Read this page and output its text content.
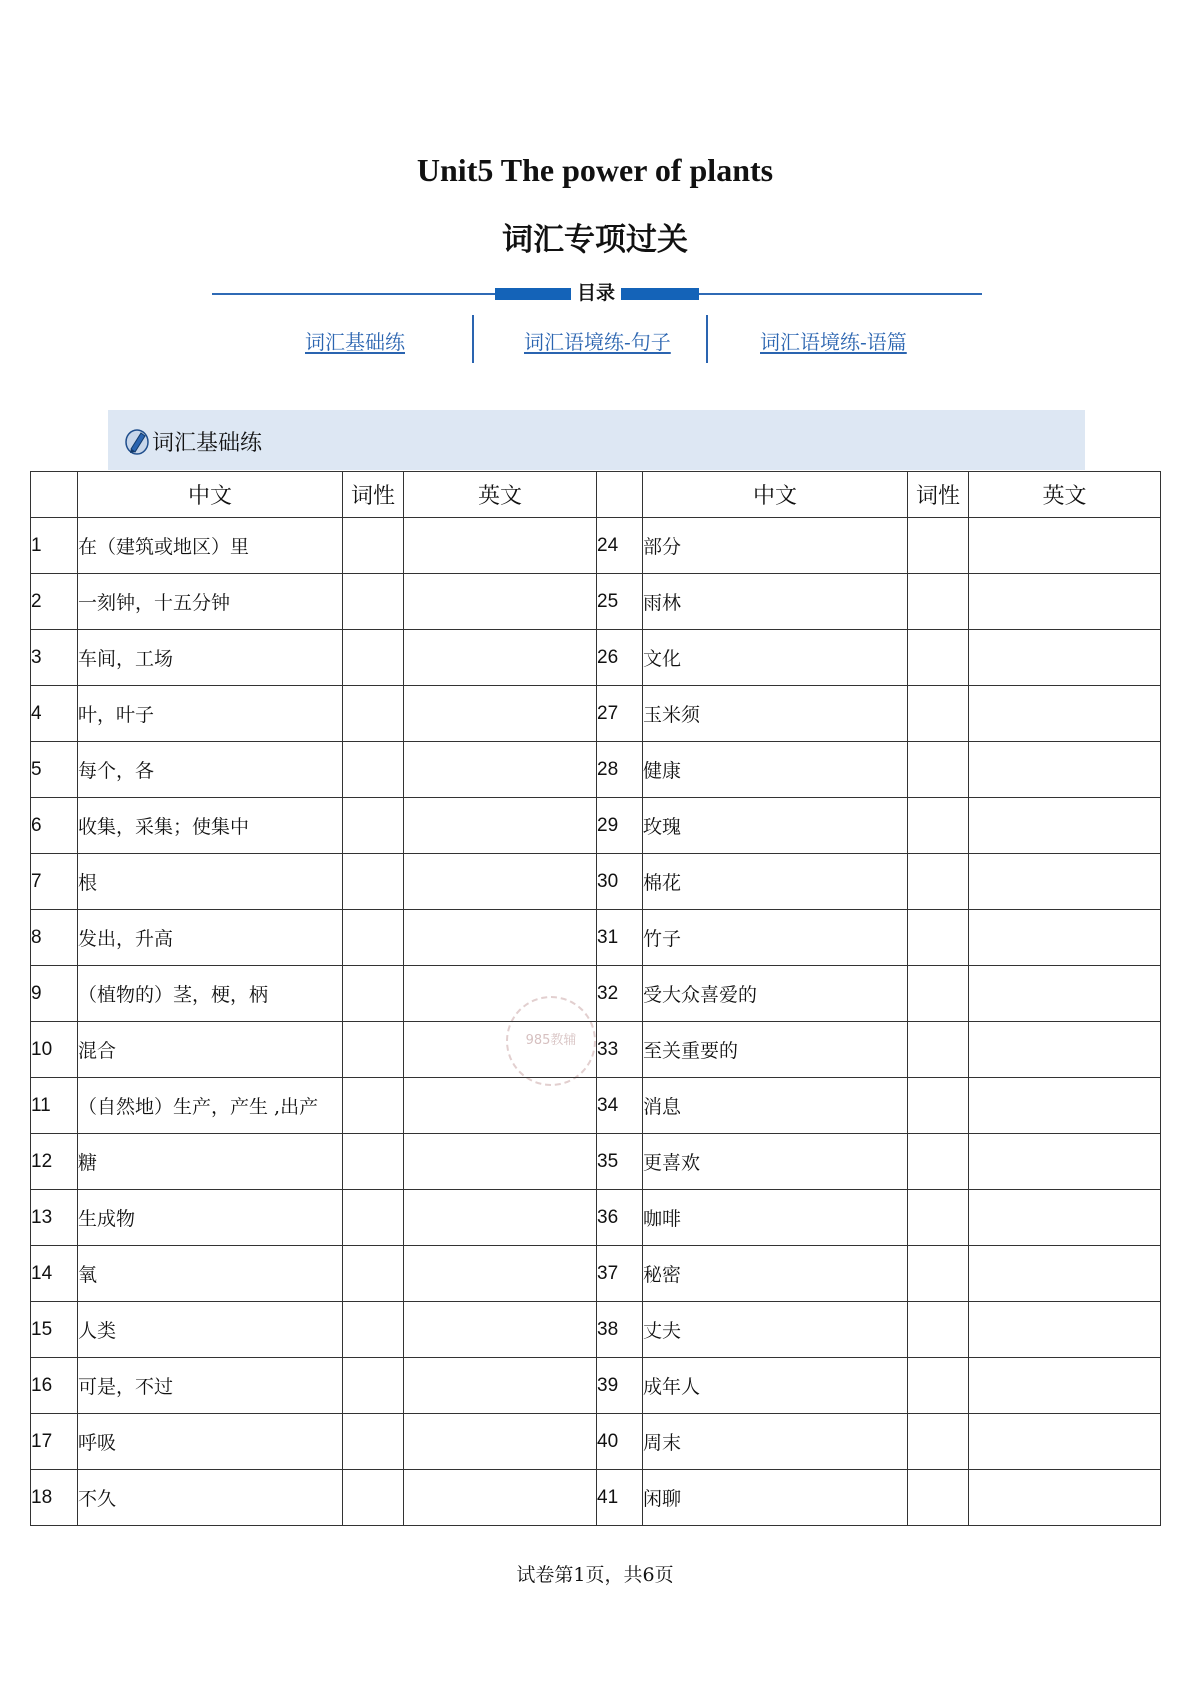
Unit5 The power of plants
词汇专项过关
目录
词汇基础练	词汇语境练-句子	词汇语境练-语篇
词汇基础练
985教辅
	中文	词性	英文		中文	词性	英文
1	在（建筑或地区）里			24	部分		
2	一刻钟，十五分钟			25	雨林		
3	车间，工场			26	文化		
4	叶，叶子			27	玉米须		
5	每个，各			28	健康		
6	收集，采集；使集中			29	玫瑰		
7	根			30	棉花		
8	发出，升高			31	竹子		
9	（植物的）茎，梗，柄			32	受大众喜爱的		
10	混合			33	至关重要的		
11	（自然地）生产，产生 ,出产			34	消息		
12	糖			35	更喜欢		
13	生成物			36	咖啡		
14	氧			37	秘密		
15	人类			38	丈夫		
16	可是，不过			39	成年人		
17	呼吸			40	周末		
18	不久			41	闲聊		
试卷第1页，共6页
